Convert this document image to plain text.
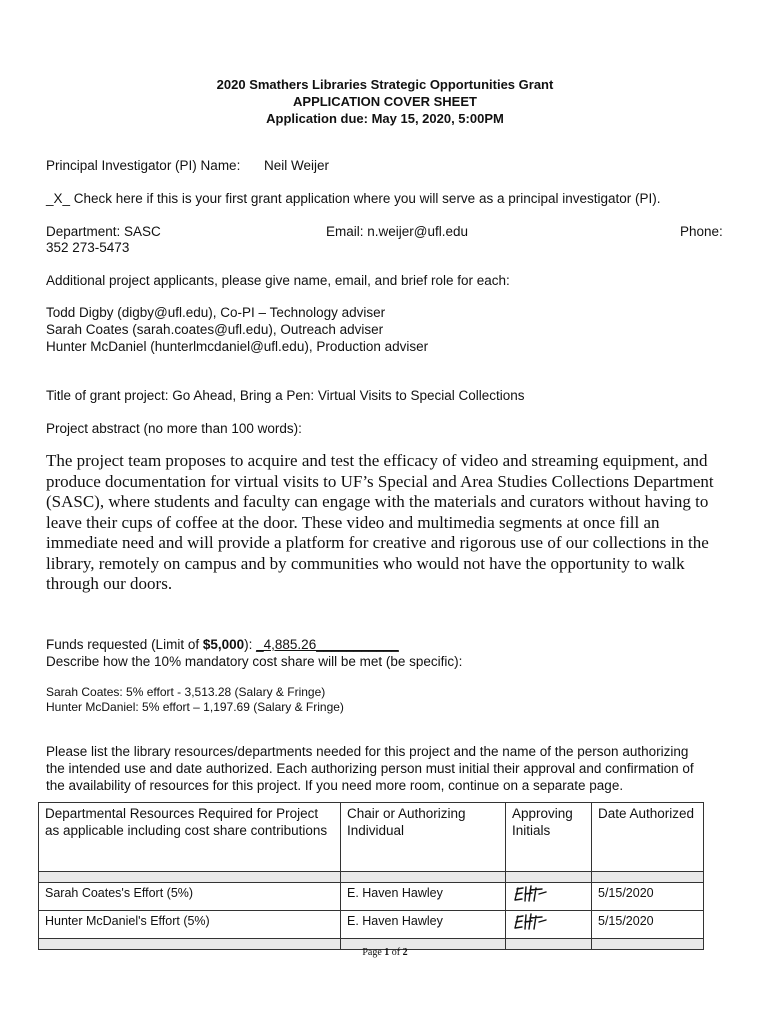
2020 Smathers Libraries Strategic Opportunities Grant
APPLICATION COVER SHEET
Application due: May 15, 2020, 5:00PM
Principal Investigator (PI) Name: Neil Weijer
_X_ Check here if this is your first grant application where you will serve as a principal investigator (PI).
Department: SASC	Email: n.weijer@ufl.edu	Phone:
352 273-5473
Additional project applicants, please give name, email, and brief role for each:
Todd Digby (digby@ufl.edu), Co-PI – Technology adviser
Sarah Coates (sarah.coates@ufl.edu), Outreach adviser
Hunter McDaniel (hunterlmcdaniel@ufl.edu), Production adviser
Title of grant project: Go Ahead, Bring a Pen: Virtual Visits to Special Collections
Project abstract (no more than 100 words):

The project team proposes to acquire and test the efficacy of video and streaming equipment, and

produce documentation for virtual visits to UF’s Special and Area Studies Collections Department

(SASC), where students and faculty can engage with the materials and curators without having to

leave their cups of coffee at the door. These video and multimedia segments at once fill an

immediate need and will provide a platform for creative and rigorous use of our collections in the

library, remotely on campus and by communities who would not have the opportunity to walk

through our doors.

Funds requested (Limit of $5,000): _4,885.26___________
Describe how the 10% mandatory cost share will be met (be specific):
Sarah Coates: 5% effort - 3,513.28 (Salary & Fringe)
Hunter McDaniel: 5% effort – 1,197.69 (Salary & Fringe)
Please list the library resources/departments needed for this project and the name of the person authorizing
the intended use and date authorized. Each authorizing person must initial their approval and confirmation of
the availability of resources for this project. If you need more room, continue on a separate page.
Departmental Resources Required for Project as applicable including cost share contributions	Chair or Authorizing Individual	Approving Initials	Date Authorized

Sarah Coates's Effort (5%)	E. Haven Hawley		5/15/2020
Hunter McDaniel's Effort (5%)	E. Haven Hawley		5/15/2020

Page 1 of 2
